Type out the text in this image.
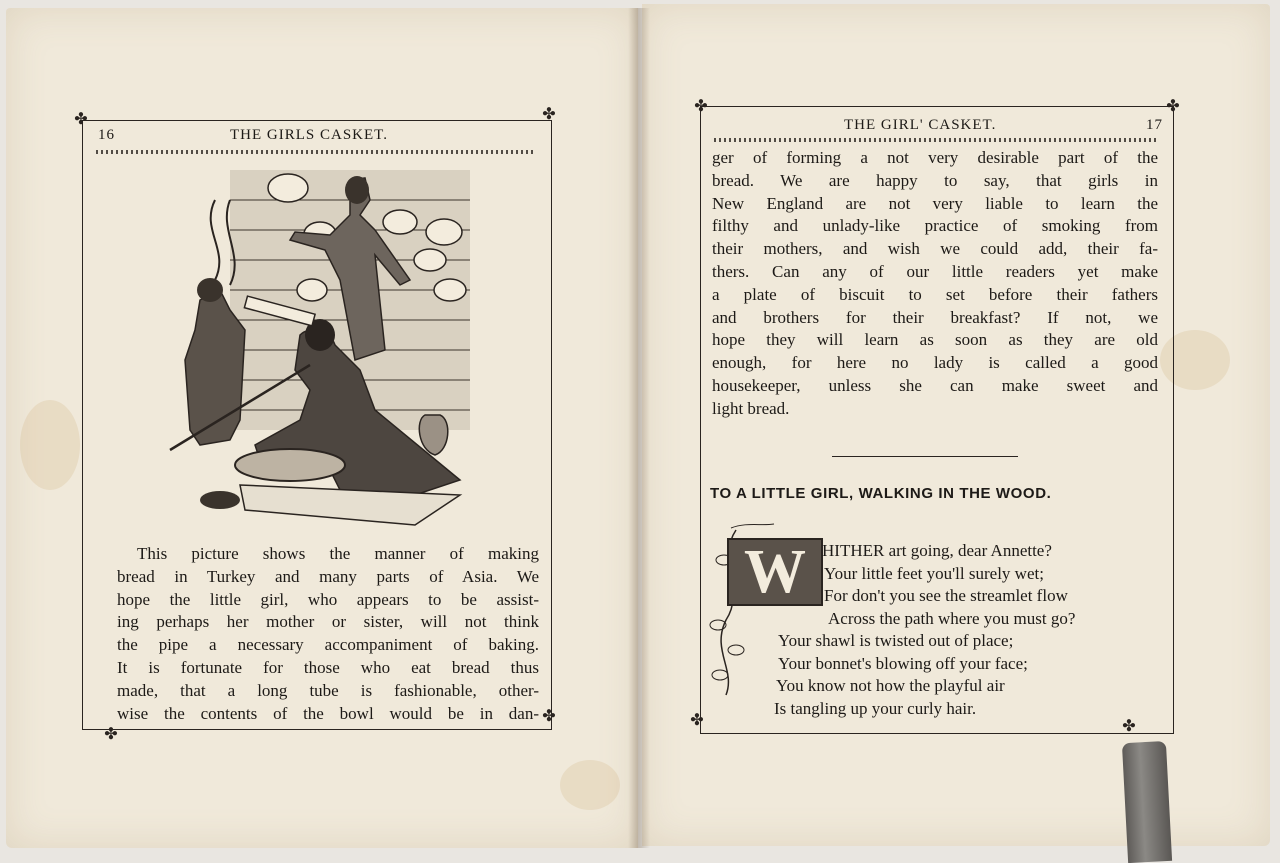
✤	✤
✤
✤
16	THE GIRLS CASKET.
This picture shows the manner of making
bread in Turkey and many parts of Asia. We
hope the little girl, who appears to be assist-
ing perhaps her mother or sister, will not think
the pipe a necessary accompaniment of baking.
It is fortunate for those who eat bread thus
made, that a long tube is fashionable, other-
wise the contents of the bowl would be in dan-
✤	✤
✤	✤
THE GIRL' CASKET.	17
ger of forming a not very desirable part of the
bread. We are happy to say, that girls in
New England are not very liable to learn the
filthy and unlady-like practice of smoking from
their mothers, and wish we could add, their fa-
thers. Can any of our little readers yet make
a plate of biscuit to set before their fathers
and brothers for their breakfast? If not, we
hope they will learn as soon as they are old
enough, for here no lady is called a good
housekeeper, unless she can make sweet and
light bread.
TO A LITTLE GIRL, WALKING IN THE WOOD.
W HITHER art going, dear Annette?
Your little feet you'll surely wet;
For don't you see the streamlet flow
Across the path where you must go?
Your shawl is twisted out of place;
Your bonnet's blowing off your face;
You know not how the playful air
Is tangling up your curly hair.
